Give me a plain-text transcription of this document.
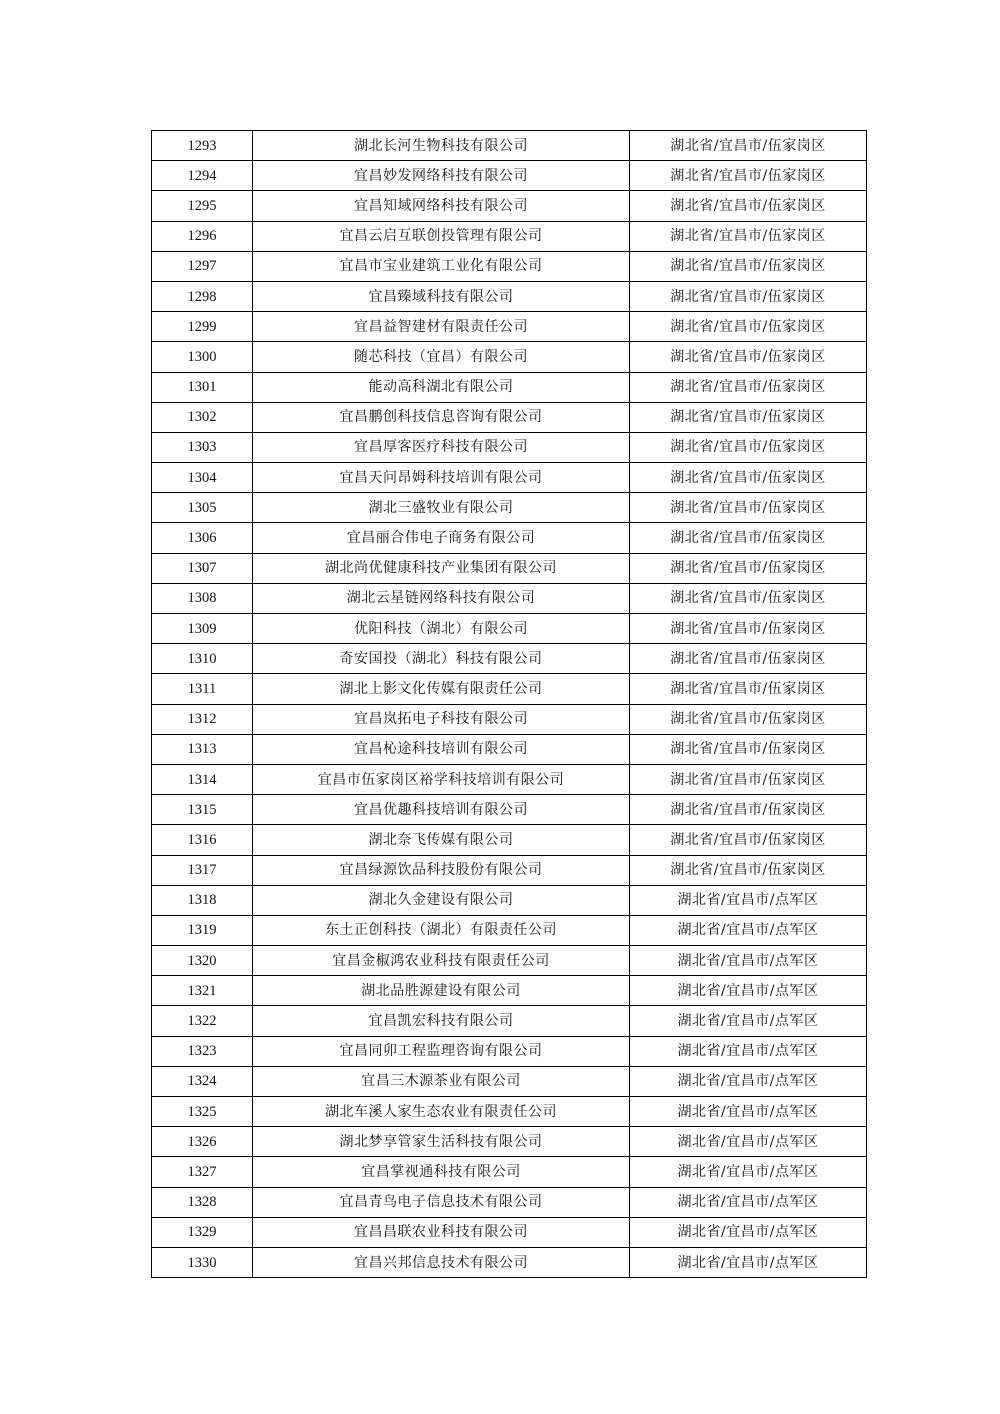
1293	湖北长河生物科技有限公司	湖北省/宜昌市/伍家岗区
1294	宜昌妙发网络科技有限公司	湖北省/宜昌市/伍家岗区
1295	宜昌知域网络科技有限公司	湖北省/宜昌市/伍家岗区
1296	宜昌云启互联创投管理有限公司	湖北省/宜昌市/伍家岗区
1297	宜昌市宝业建筑工业化有限公司	湖北省/宜昌市/伍家岗区
1298	宜昌臻域科技有限公司	湖北省/宜昌市/伍家岗区
1299	宜昌益智建材有限责任公司	湖北省/宜昌市/伍家岗区
1300	随芯科技（宜昌）有限公司	湖北省/宜昌市/伍家岗区
1301	能动高科湖北有限公司	湖北省/宜昌市/伍家岗区
1302	宜昌鹏创科技信息咨询有限公司	湖北省/宜昌市/伍家岗区
1303	宜昌厚客医疗科技有限公司	湖北省/宜昌市/伍家岗区
1304	宜昌天问昂姆科技培训有限公司	湖北省/宜昌市/伍家岗区
1305	湖北三盛牧业有限公司	湖北省/宜昌市/伍家岗区
1306	宜昌丽合伟电子商务有限公司	湖北省/宜昌市/伍家岗区
1307	湖北尚优健康科技产业集团有限公司	湖北省/宜昌市/伍家岗区
1308	湖北云星链网络科技有限公司	湖北省/宜昌市/伍家岗区
1309	优阳科技（湖北）有限公司	湖北省/宜昌市/伍家岗区
1310	奇安国投（湖北）科技有限公司	湖北省/宜昌市/伍家岗区
1311	湖北上影文化传媒有限责任公司	湖北省/宜昌市/伍家岗区
1312	宜昌岚拓电子科技有限公司	湖北省/宜昌市/伍家岗区
1313	宜昌杺途科技培训有限公司	湖北省/宜昌市/伍家岗区
1314	宜昌市伍家岗区裕学科技培训有限公司	湖北省/宜昌市/伍家岗区
1315	宜昌优趣科技培训有限公司	湖北省/宜昌市/伍家岗区
1316	湖北奈飞传媒有限公司	湖北省/宜昌市/伍家岗区
1317	宜昌绿源饮品科技股份有限公司	湖北省/宜昌市/伍家岗区
1318	湖北久金建设有限公司	湖北省/宜昌市/点军区
1319	东土正创科技（湖北）有限责任公司	湖北省/宜昌市/点军区
1320	宜昌金椒鸿农业科技有限责任公司	湖北省/宜昌市/点军区
1321	湖北品胜源建设有限公司	湖北省/宜昌市/点军区
1322	宜昌凯宏科技有限公司	湖北省/宜昌市/点军区
1323	宜昌同卯工程监理咨询有限公司	湖北省/宜昌市/点军区
1324	宜昌三木源茶业有限公司	湖北省/宜昌市/点军区
1325	湖北车溪人家生态农业有限责任公司	湖北省/宜昌市/点军区
1326	湖北梦享管家生活科技有限公司	湖北省/宜昌市/点军区
1327	宜昌掌视通科技有限公司	湖北省/宜昌市/点军区
1328	宜昌青鸟电子信息技术有限公司	湖北省/宜昌市/点军区
1329	宜昌昌联农业科技有限公司	湖北省/宜昌市/点军区
1330	宜昌兴邦信息技术有限公司	湖北省/宜昌市/点军区
